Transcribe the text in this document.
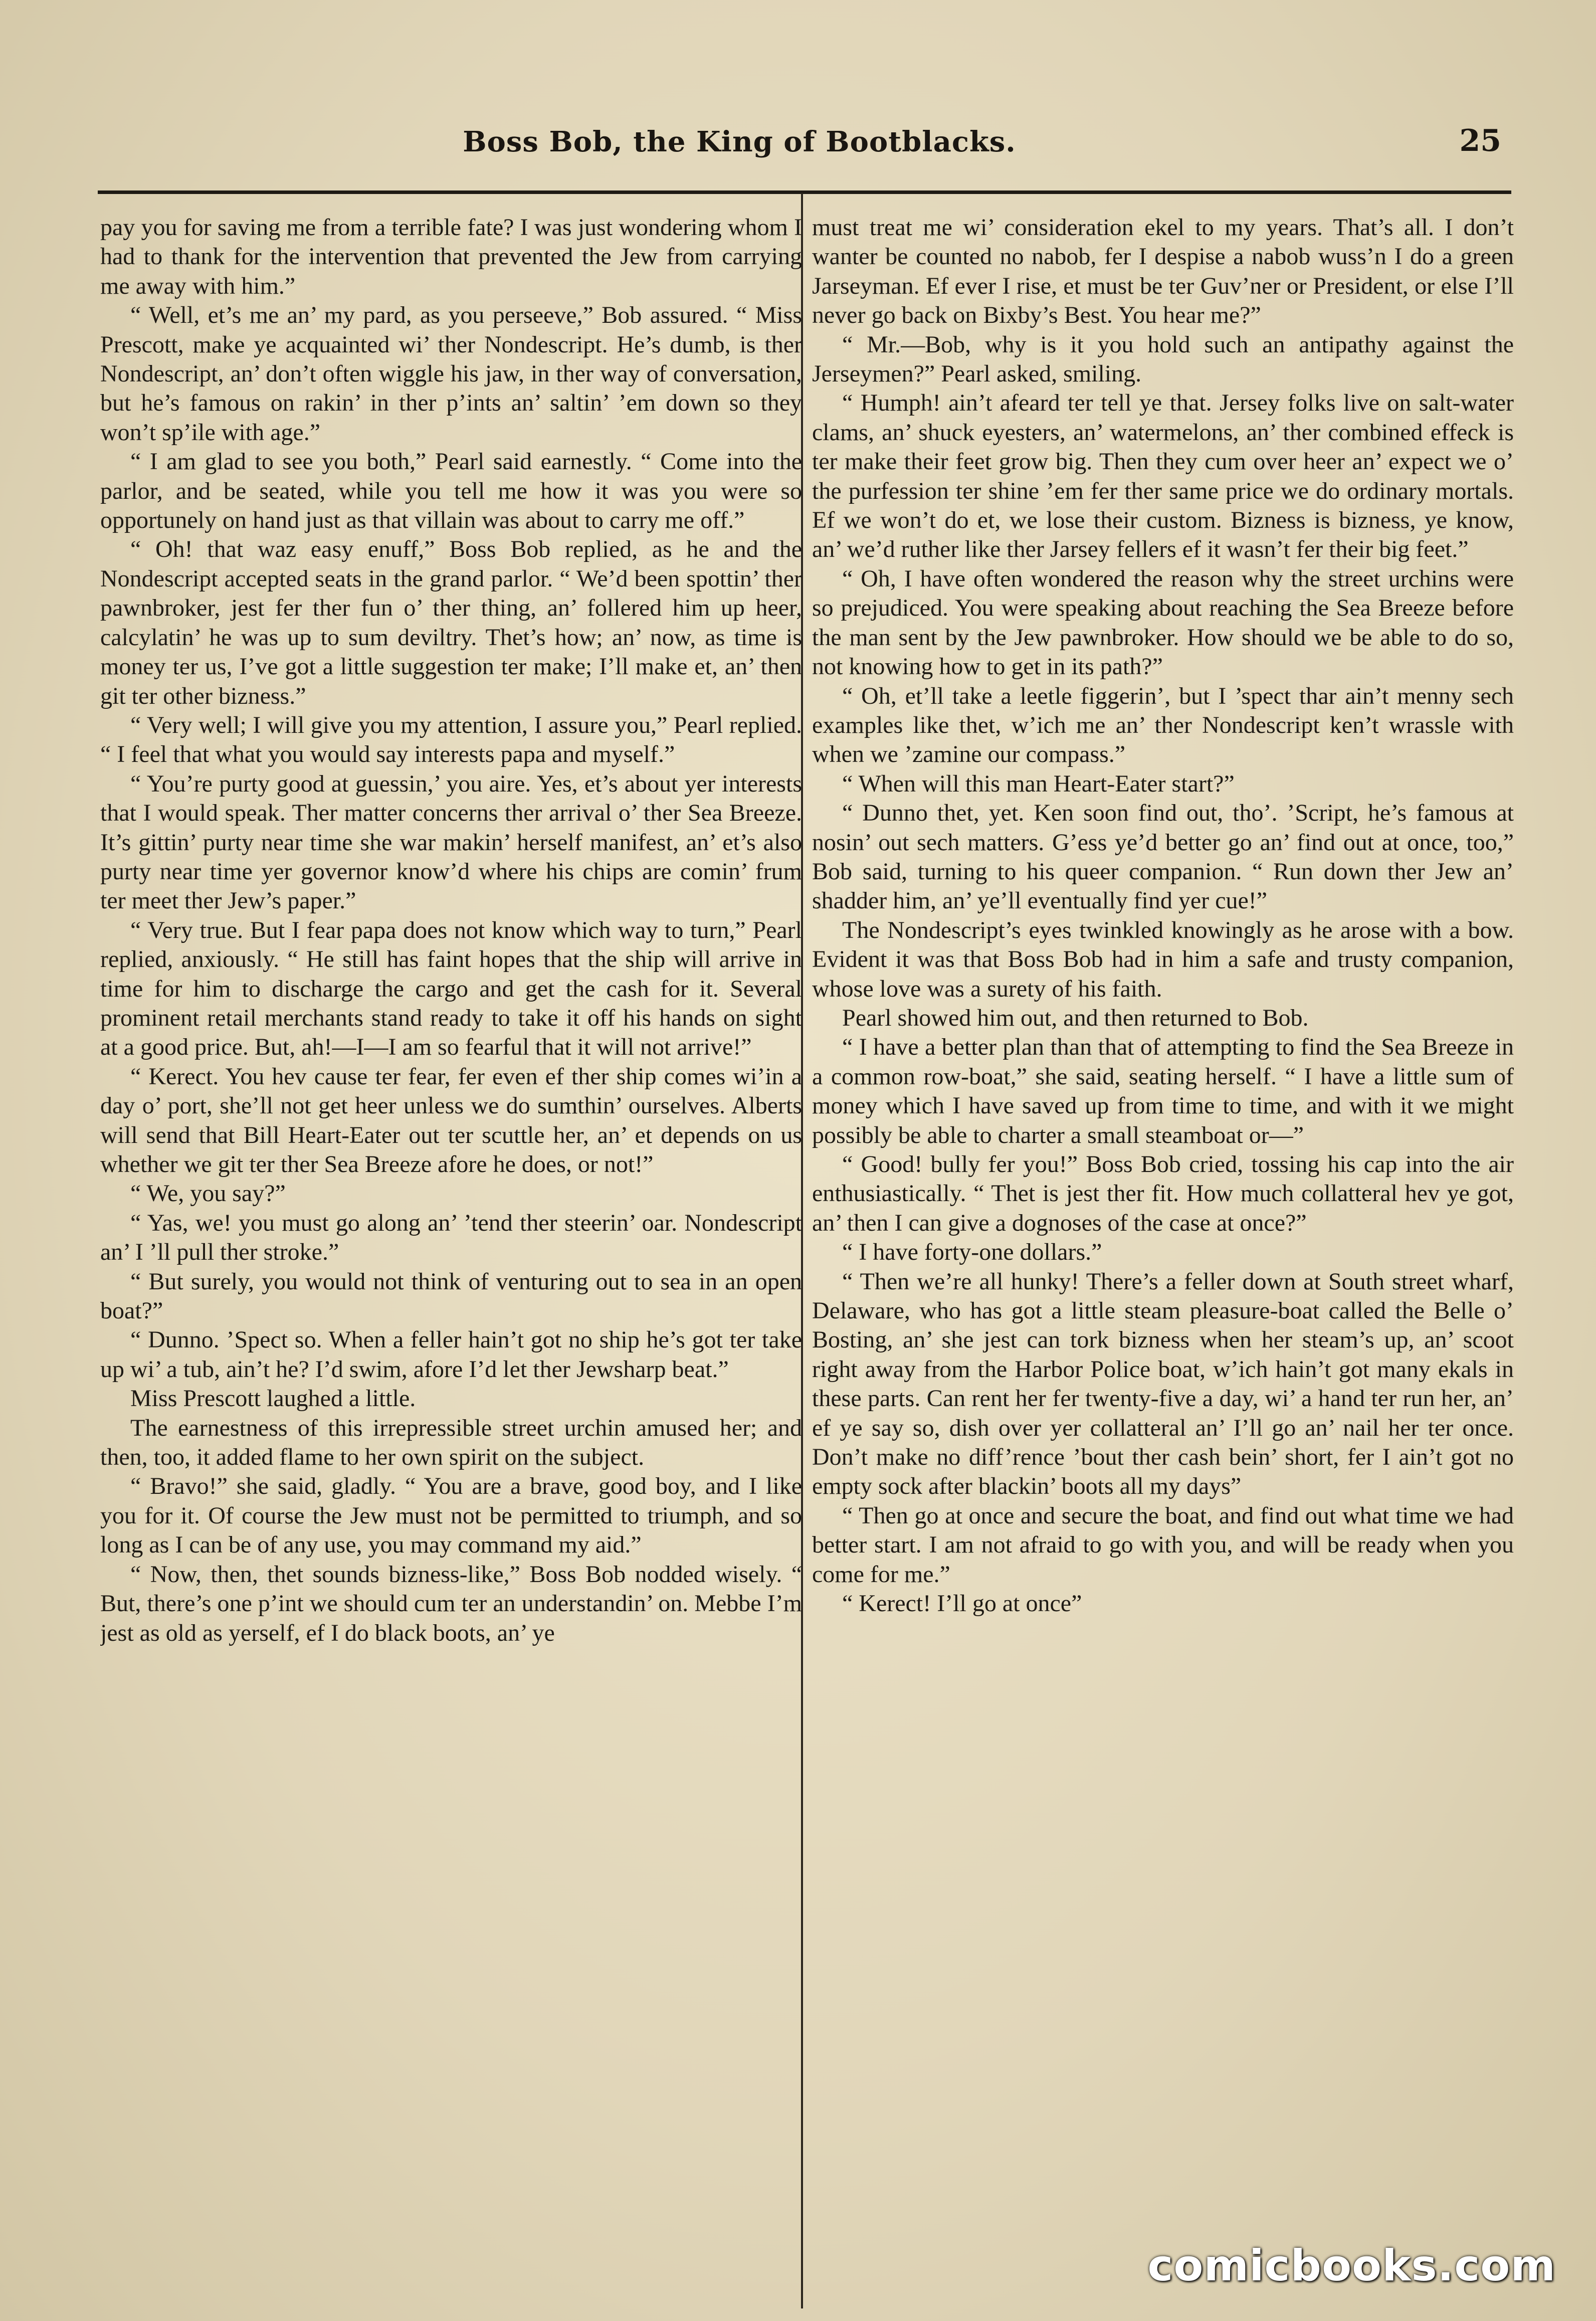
Boss Bob, the King of Bootblacks.	25

pay you for saving me from a terrible fate? I was just wondering whom I had to thank for the intervention that prevented the Jew from carrying me away with him.”

“ Well, et’s me an’ my pard, as you perseeve,” Bob assured. “ Miss Prescott, make ye acquainted wi’ ther Nondescript. He’s dumb, is ther Nondescript, an’ don’t often wiggle his jaw, in ther way of conversation, but he’s famous on rakin’ in ther p’ints an’ saltin’ ’em down so they won’t sp’ile with age.”

“ I am glad to see you both,” Pearl said earnestly. “ Come into the parlor, and be seated, while you tell me how it was you were so opportunely on hand just as that villain was about to carry me off.”

“ Oh! that waz easy enuff,” Boss Bob replied, as he and the Nondescript accepted seats in the grand parlor. “ We’d been spottin’ ther pawnbroker, jest fer ther fun o’ ther thing, an’ follered him up heer, calcylatin’ he was up to sum deviltry. Thet’s how; an’ now, as time is money ter us, I’ve got a little suggestion ter make; I’ll make et, an’ then git ter other bizness.”

“ Very well; I will give you my attention, I assure you,” Pearl replied. “ I feel that what you would say interests papa and myself.”

“ You’re purty good at guessin,’ you aire. Yes, et’s about yer interests that I would speak. Ther matter concerns ther arrival o’ ther Sea Breeze. It’s gittin’ purty near time she war makin’ herself manifest, an’ et’s also purty near time yer governor know’d where his chips are comin’ frum ter meet ther Jew’s paper.”

“ Very true. But I fear papa does not know which way to turn,” Pearl replied, anxiously. “ He still has faint hopes that the ship will arrive in time for him to discharge the cargo and get the cash for it. Several prominent retail merchants stand ready to take it off his hands on sight at a good price. But, ah!—I—I am so fearful that it will not arrive!”

“ Kerect. You hev cause ter fear, fer even ef ther ship comes wi’in a day o’ port, she’ll not get heer unless we do sumthin’ ourselves. Alberts will send that Bill Heart-Eater out ter scuttle her, an’ et depends on us whether we git ter ther Sea Breeze afore he does, or not!”

“ We, you say?”

“ Yas, we! you must go along an’ ’tend ther steerin’ oar. Nondescript an’ I ’ll pull ther stroke.”

“ But surely, you would not think of venturing out to sea in an open boat?”

“ Dunno. ’Spect so. When a feller hain’t got no ship he’s got ter take up wi’ a tub, ain’t he? I’d swim, afore I’d let ther Jewsharp beat.”

Miss Prescott laughed a little.

The earnestness of this irrepressible street urchin amused her; and then, too, it added flame to her own spirit on the subject.

“ Bravo!” she said, gladly. “ You are a brave, good boy, and I like you for it. Of course the Jew must not be permitted to triumph, and so long as I can be of any use, you may command my aid.”

“ Now, then, thet sounds bizness-like,” Boss Bob nodded wisely. “ But, there’s one p’int we should cum ter an understandin’ on. Mebbe I’m jest as old as yerself, ef I do black boots, an’ ye

must treat me wi’ consideration ekel to my years. That’s all. I don’t wanter be counted no nabob, fer I despise a nabob wuss’n I do a green Jarseyman. Ef ever I rise, et must be ter Guv’ner or President, or else I’ll never go back on Bixby’s Best. You hear me?”

“ Mr.—Bob, why is it you hold such an antipathy against the Jerseymen?” Pearl asked, smiling.

“ Humph! ain’t afeard ter tell ye that. Jersey folks live on salt-water clams, an’ shuck eyesters, an’ watermelons, an’ ther combined effeck is ter make their feet grow big. Then they cum over heer an’ expect we o’ the purfession ter shine ’em fer ther same price we do ordinary mortals. Ef we won’t do et, we lose their custom. Bizness is bizness, ye know, an’ we’d ruther like ther Jarsey fellers ef it wasn’t fer their big feet.”

“ Oh, I have often wondered the reason why the street urchins were so prejudiced. You were speaking about reaching the Sea Breeze before the man sent by the Jew pawnbroker. How should we be able to do so, not knowing how to get in its path?”

“ Oh, et’ll take a leetle figgerin’, but I ’spect thar ain’t menny sech examples like thet, w’ich me an’ ther Nondescript ken’t wrassle with when we ’zamine our compass.”

“ When will this man Heart-Eater start?”

“ Dunno thet, yet. Ken soon find out, tho’. ’Script, he’s famous at nosin’ out sech matters. G’ess ye’d better go an’ find out at once, too,” Bob said, turning to his queer companion. “ Run down ther Jew an’ shadder him, an’ ye’ll eventually find yer cue!”

The Nondescript’s eyes twinkled knowingly as he arose with a bow. Evident it was that Boss Bob had in him a safe and trusty companion, whose love was a surety of his faith.

Pearl showed him out, and then returned to Bob.

“ I have a better plan than that of attempting to find the Sea Breeze in a common row-boat,” she said, seating herself. “ I have a little sum of money which I have saved up from time to time, and with it we might possibly be able to charter a small steamboat or—”

“ Good! bully fer you!” Boss Bob cried, tossing his cap into the air enthusiastically. “ Thet is jest ther fit. How much collatteral hev ye got, an’ then I can give a dognoses of the case at once?”

“ I have forty-one dollars.”

“ Then we’re all hunky! There’s a feller down at South street wharf, Delaware, who has got a little steam pleasure-boat called the Belle o’ Bosting, an’ she jest can tork bizness when her steam’s up, an’ scoot right away from the Harbor Police boat, w’ich hain’t got many ekals in these parts. Can rent her fer twenty-five a day, wi’ a hand ter run her, an’ ef ye say so, dish over yer collatteral an’ I’ll go an’ nail her ter once. Don’t make no diff’rence ’bout ther cash bein’ short, fer I ain’t got no empty sock after blackin’ boots all my days”

“ Then go at once and secure the boat, and find out what time we had better start. I am not afraid to go with you, and will be ready when you come for me.”

“ Kerect! I’ll go at once”

comicbooks.com
